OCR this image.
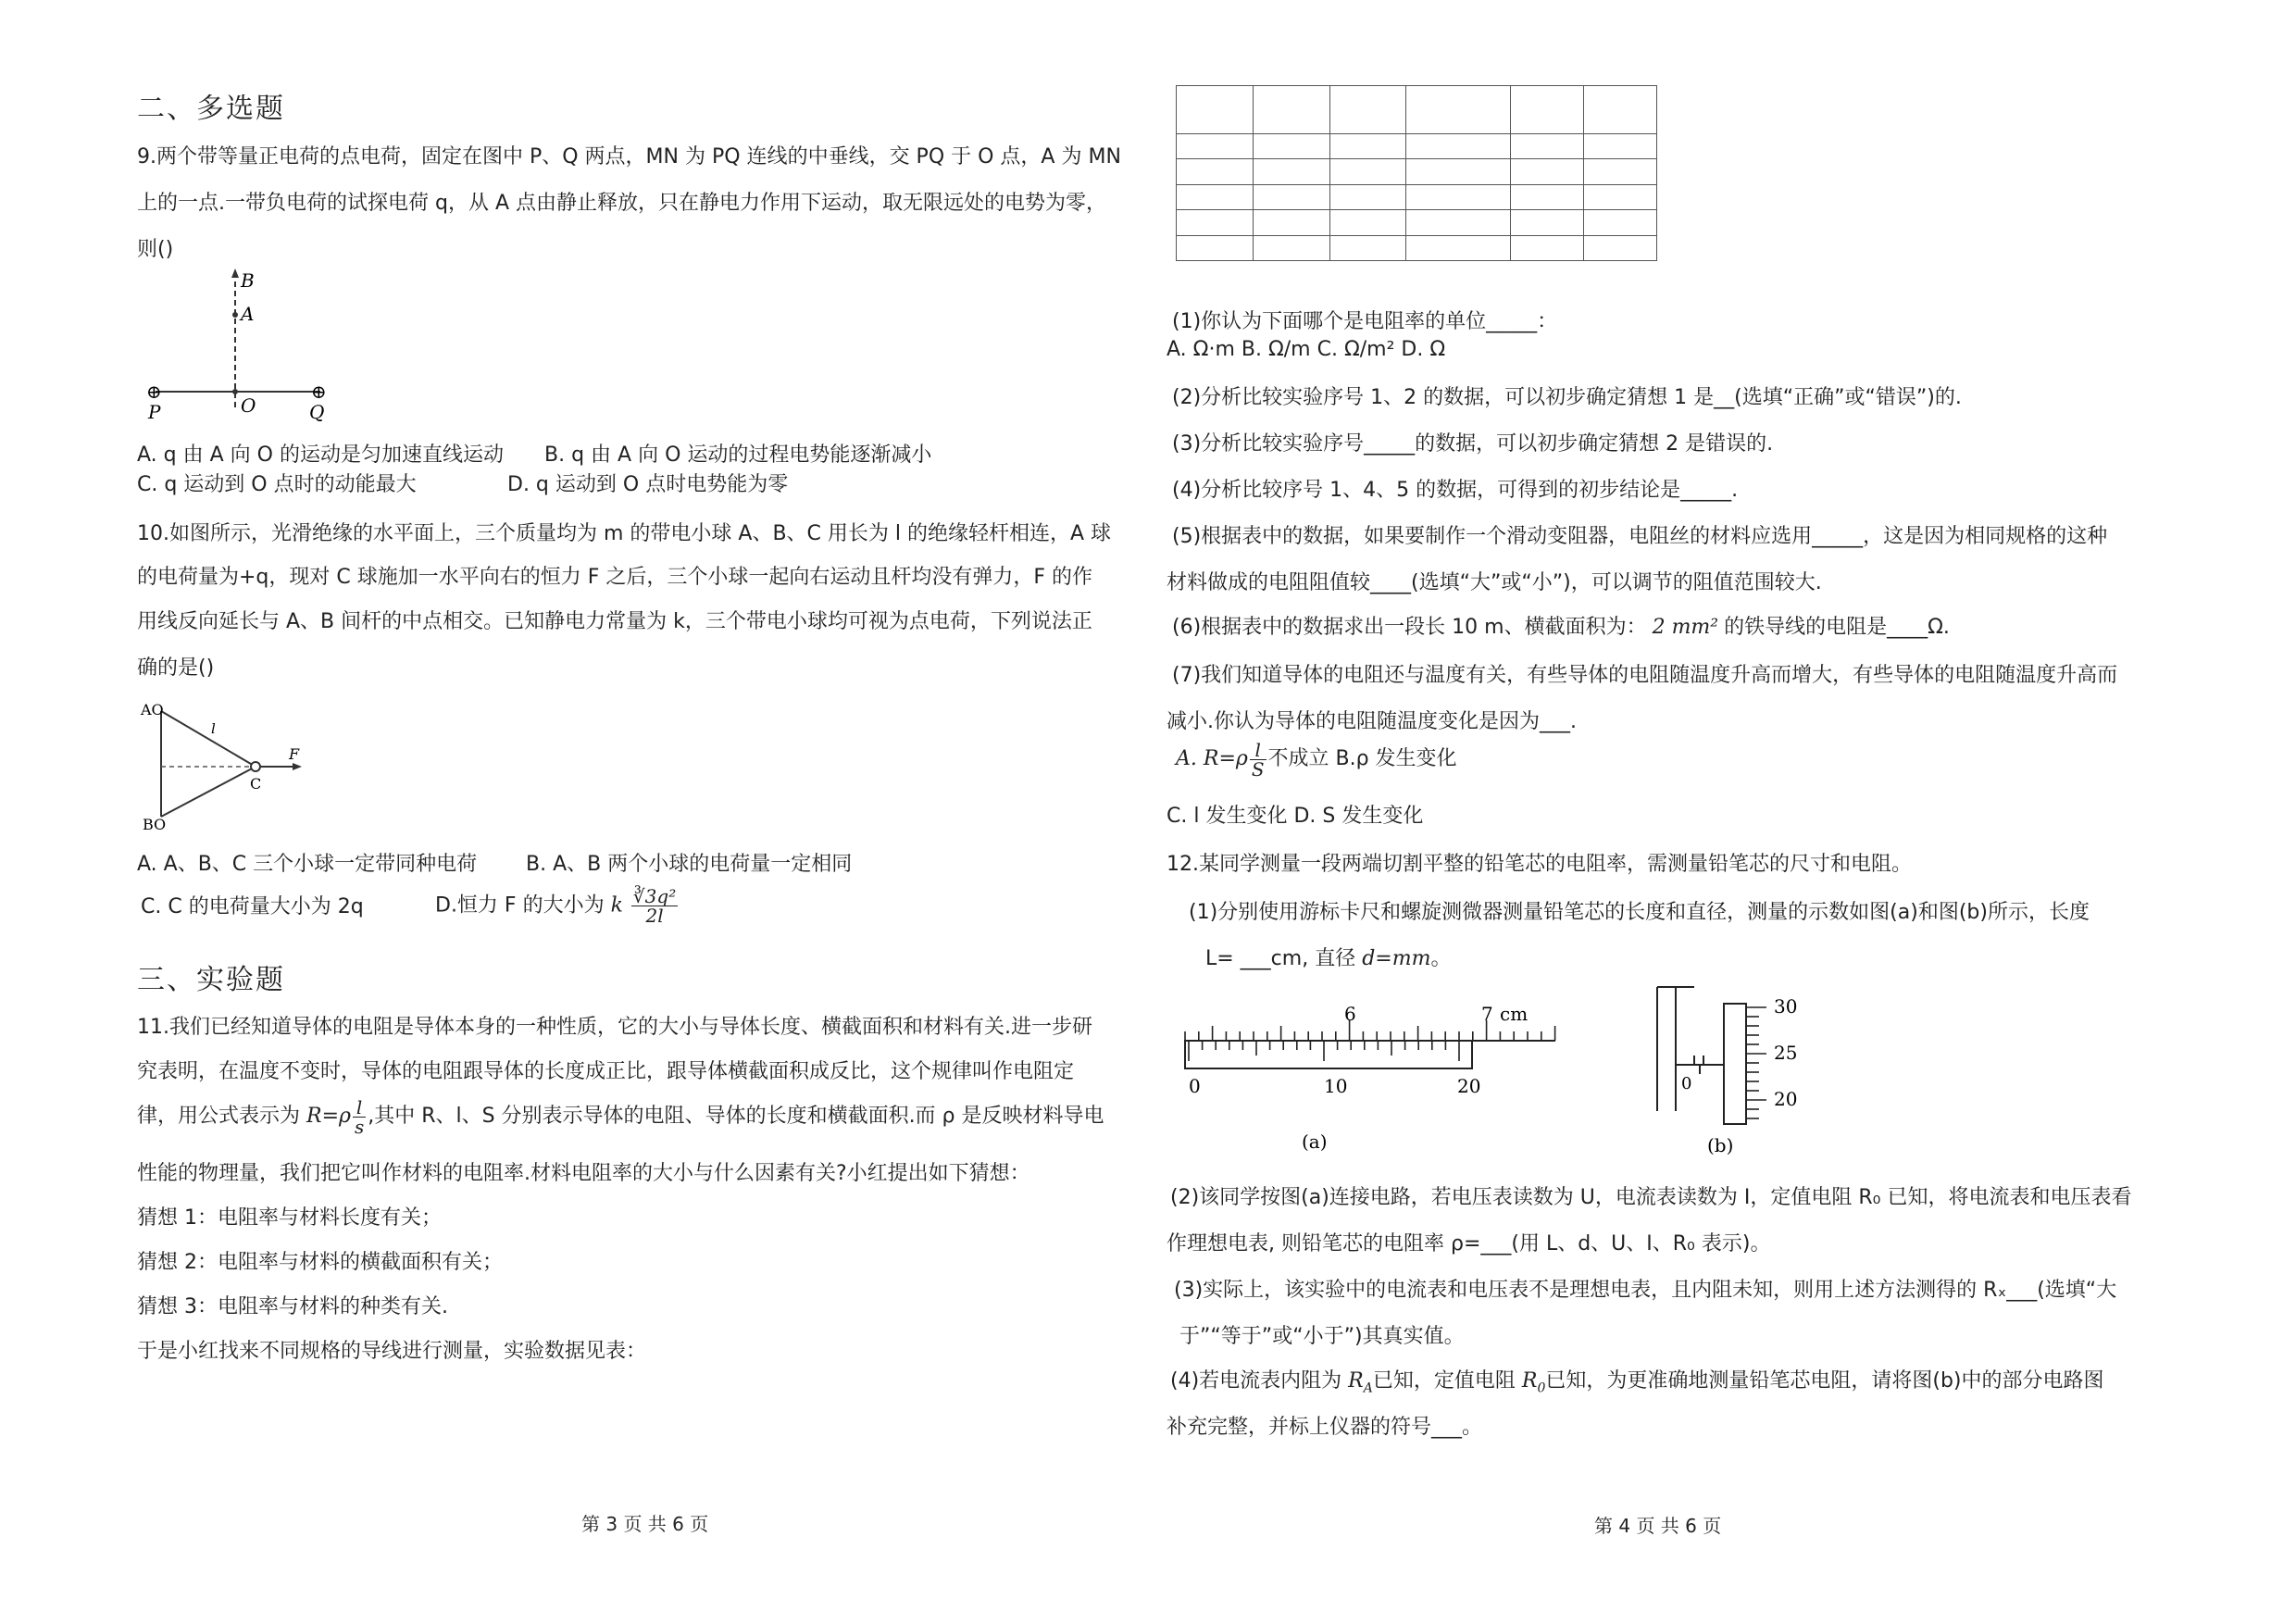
二、多选题
9.两个带等量正电荷的点电荷，固定在图中 P、Q 两点，MN 为 PQ 连线的中垂线，交 PQ 于 O 点，A 为 MN
上的一点.一带负电荷的试探电荷 q，从 A 点由静止释放，只在静电力作用下运动，取无限远处的电势为零，
则()
B
A
⊕	⊕
P	O	Q
A. q 由 A 向 O 的运动是匀加速直线运动 B. q 由 A 向 O 运动的过程电势能逐渐减小
C. q 运动到 O 点时的动能最大	D. q 运动到 O 点时电势能为零
10.如图所示，光滑绝缘的水平面上，三个质量均为 m 的带电小球 A、B、C 用长为 l 的绝缘轻杆相连，A 球
的电荷量为+q，现对 C 球施加一水平向右的恒力 F 之后，三个小球一起向右运动且杆均没有弹力，F 的作
用线反向延长与 A、B 间杆的中点相交。已知静电力常量为 k，三个带电小球均可视为点电荷，下列说法正
确的是()
AO
BO
C
l
F
A. A、B、C 三个小球一定带同种电荷 B. A、B 两个小球的电荷量一定相同
C. C 的电荷量大小为 2q	D.恒力 F 的大小为 k $\frac{\text{∛3q²}}{2l}$
三、实验题
11.我们已经知道导体的电阻是导体本身的一种性质，它的大小与导体长度、横截面积和材料有关.进一步研
究表明，在温度不变时，导体的电阻跟导体的长度成正比，跟导体横截面积成反比，这个规律叫作电阻定
律，用公式表示为 $R=\rho \frac{l}{s}$ ,其中 R、l、S 分别表示导体的电阻、导体的长度和横截面积.而 ρ 是反映材料导电
性能的物理量，我们把它叫作材料的电阻率.材料电阻率的大小与什么因素有关?小红提出如下猜想：
猜想 1：电阻率与材料长度有关；
猜想 2：电阻率与材料的横截面积有关；
猜想 3：电阻率与材料的种类有关.
于是小红找来不同规格的导线进行测量，实验数据见表：
第 3 页 共 6 页

(1)你认为下面哪个是电阻率的单位_____：
A. Ω·m B. Ω/m C. Ω/m² D. Ω
(2)分析比较实验序号 1、2 的数据，可以初步确定猜想 1 是__(选填“正确”或“错误”)的.
(3)分析比较实验序号_____的数据，可以初步确定猜想 2 是错误的.
(4)分析比较序号 1、4、5 的数据，可得到的初步结论是_____.
(5)根据表中的数据，如果要制作一个滑动变阻器，电阻丝的材料应选用_____，这是因为相同规格的这种
材料做成的电阻阻值较____(选填“大”或“小”)，可以调节的阻值范围较大.
(6)根据表中的数据求出一段长 10 m、横截面积为： 2 mm² 的铁导线的电阻是____Ω.
(7)我们知道导体的电阻还与温度有关，有些导体的电阻随温度升高而增大，有些导体的电阻随温度升高而
减小.你认为导体的电阻随温度变化是因为___.
A. $R=\rho \frac{l}{S}$ 不成立 B.ρ 发生变化
C. l 发生变化 D. S 发生变化
12.某同学测量一段两端切割平整的铅笔芯的电阻率，需测量铅笔芯的尺寸和电阻。
(1)分别使用游标卡尺和螺旋测微器测量铅笔芯的长度和直径，测量的示数如图(a)和图(b)所示，长度
L= ___cm, 直径 d=mm。
6	7 cm
0	10	20
(a)
0
30
25
20
(b)
(2)该同学按图(a)连接电路，若电压表读数为 U，电流表读数为 I，定值电阻 R₀ 已知，将电流表和电压表看
作理想电表, 则铅笔芯的电阻率 ρ=___(用 L、d、U、I、R₀ 表示)。
(3)实际上，该实验中的电流表和电压表不是理想电表，且内阻未知，则用上述方法测得的 Rₓ___(选填“大
于”“等于”或“小于”)其真实值。
(4)若电流表内阻为 $R_A$已知，定值电阻 $R_0$已知，为更准确地测量铅笔芯电阻，请将图(b)中的部分电路图
补充完整，并标上仪器的符号___。
第 4 页 共 6 页
